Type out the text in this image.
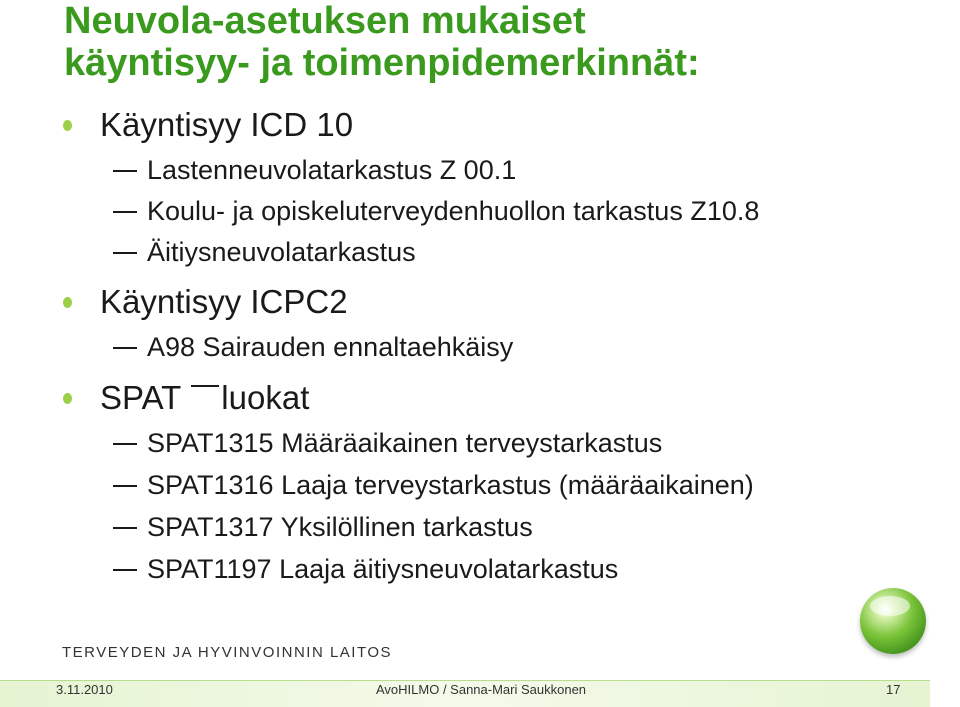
Neuvola-asetuksen mukaiset
käyntisyy- ja toimenpidemerkinnät:
Käyntisyy ICD 10
Lastenneuvolatarkastus Z 00.1
Koulu- ja opiskeluterveydenhuollon tarkastus Z10.8
Äitiysneuvolatarkastus
Käyntisyy ICPC2
A98 Sairauden ennaltaehkäisy
SPAT luokat
SPAT1315 Määräaikainen terveystarkastus
SPAT1316 Laaja terveystarkastus (määräaikainen)
SPAT1317 Yksilöllinen tarkastus
SPAT1197 Laaja äitiysneuvolatarkastus
TERVEYDEN JA HYVINVOINNIN LAITOS
3.11.2010	AvoHILMO / Sanna-Mari Saukkonen	17
